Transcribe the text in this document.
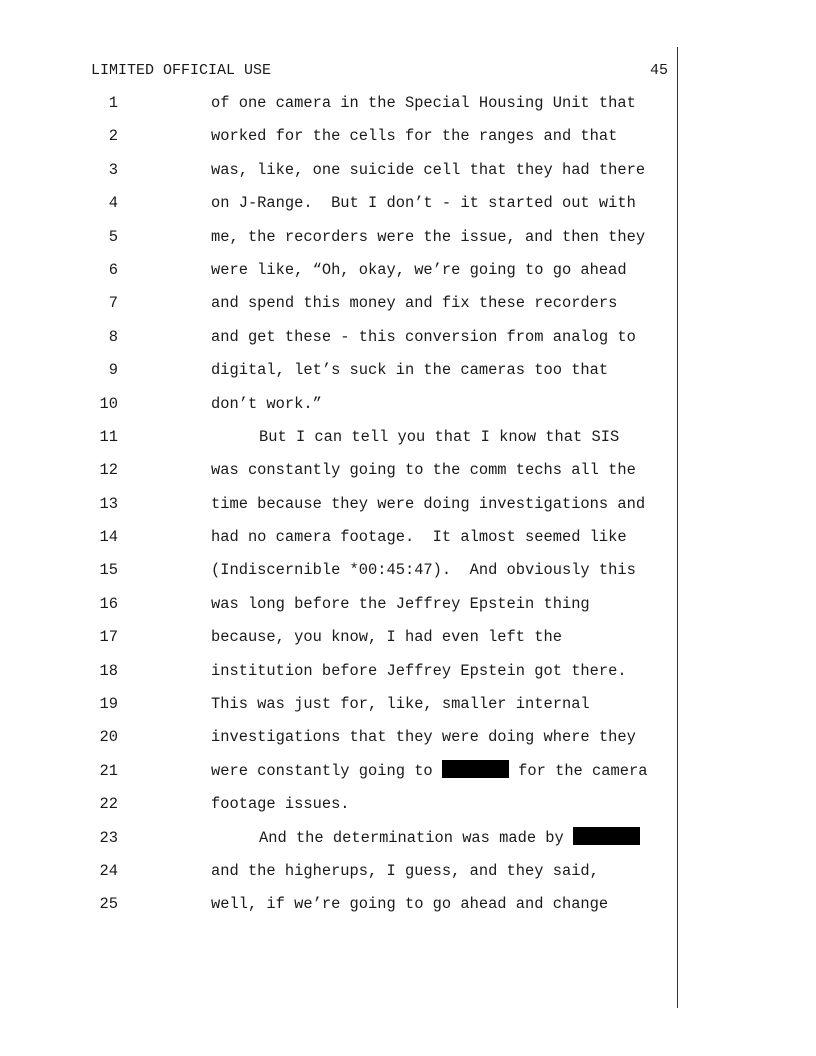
LIMITED OFFICIAL USE	45
1	of one camera in the Special Housing Unit that
2	worked for the cells for the ranges and that
3	was, like, one suicide cell that they had there
4	on J-Range.  But I don’t - it started out with
5	me, the recorders were the issue, and then they
6	were like, “Oh, okay, we’re going to go ahead
7	and spend this money and fix these recorders
8	and get these - this conversion from analog to
9	digital, let’s suck in the cameras too that
10	don’t work.”
11	But I can tell you that I know that SIS
12	was constantly going to the comm techs all the
13	time because they were doing investigations and
14	had no camera footage.  It almost seemed like
15	(Indiscernible *00:45:47).  And obviously this
16	was long before the Jeffrey Epstein thing
17	because, you know, I had even left the
18	institution before Jeffrey Epstein got there.
19	This was just for, like, smaller internal
20	investigations that they were doing where they
21	were constantly going to	for the camera
22	footage issues.
23	And the determination was made by
24	and the higherups, I guess, and they said,
25	well, if we’re going to go ahead and change
